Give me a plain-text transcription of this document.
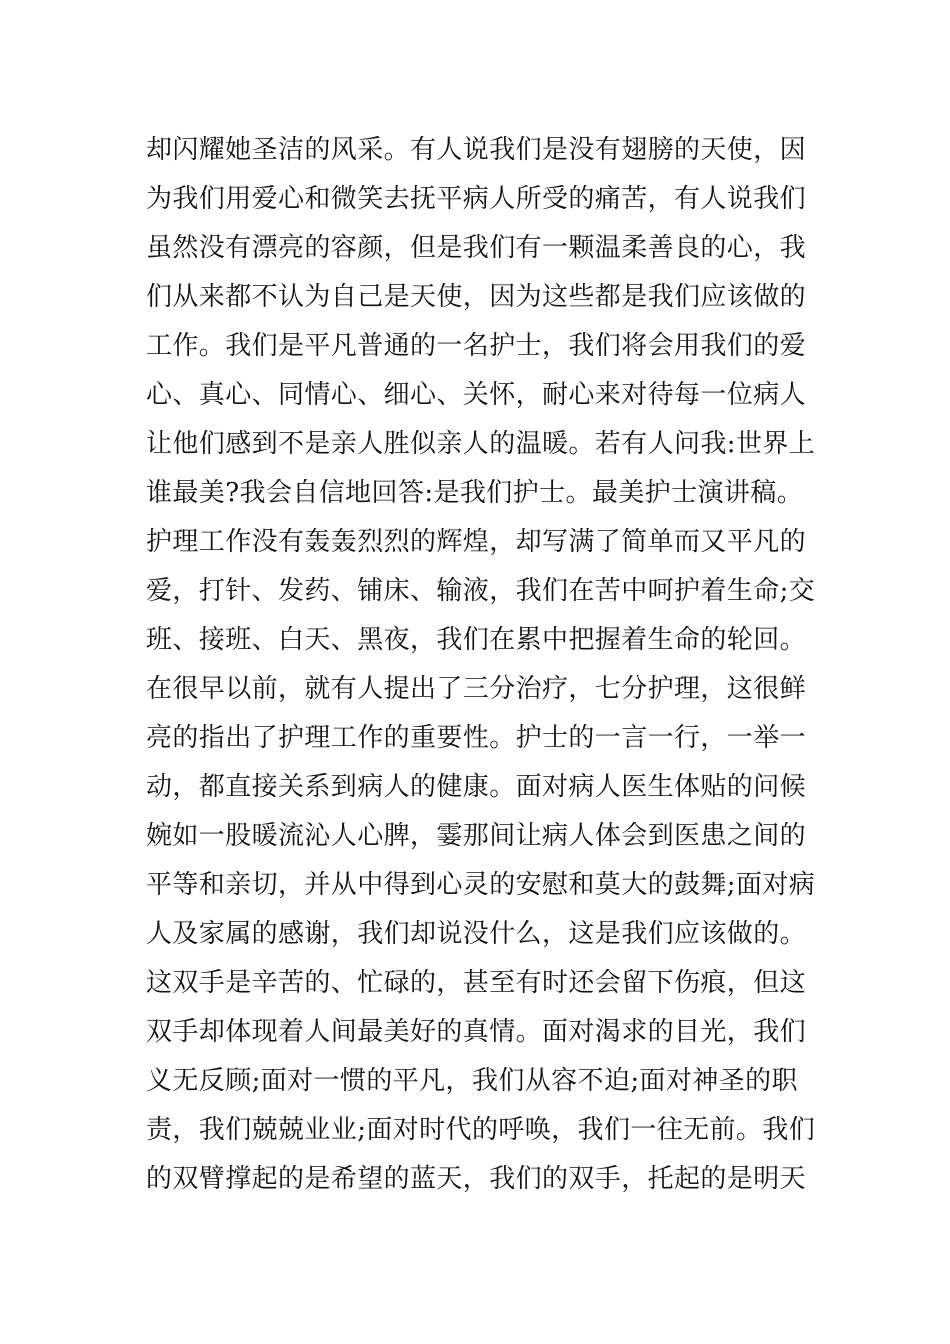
却闪耀她圣洁的风采。有人说我们是没有翅膀的天使，因
为我们用爱心和微笑去抚平病人所受的痛苦，有人说我们
虽然没有漂亮的容颜，但是我们有一颗温柔善良的心，我
们从来都不认为自己是天使，因为这些都是我们应该做的
工作。我们是平凡普通的一名护士，我们将会用我们的爱
心、真心、同情心、细心、关怀，耐心来对待每一位病人
让他们感到不是亲人胜似亲人的温暖。若有人问我:世界上
谁最美?我会自信地回答:是我们护士。最美护士演讲稿。
护理工作没有轰轰烈烈的辉煌，却写满了简单而又平凡的
爱，打针、发药、铺床、输液，我们在苦中呵护着生命;交
班、接班、白天、黑夜，我们在累中把握着生命的轮回。
在很早以前，就有人提出了三分治疗，七分护理，这很鲜
亮的指出了护理工作的重要性。护士的一言一行，一举一
动，都直接关系到病人的健康。面对病人医生体贴的问候
婉如一股暖流沁人心脾，霎那间让病人体会到医患之间的
平等和亲切，并从中得到心灵的安慰和莫大的鼓舞;面对病
人及家属的感谢，我们却说没什么，这是我们应该做的。
这双手是辛苦的、忙碌的，甚至有时还会留下伤痕，但这
双手却体现着人间最美好的真情。面对渴求的目光，我们
义无反顾;面对一惯的平凡，我们从容不迫;面对神圣的职
责，我们兢兢业业;面对时代的呼唤，我们一往无前。我们
的双臂撑起的是希望的蓝天，我们的双手，托起的是明天
